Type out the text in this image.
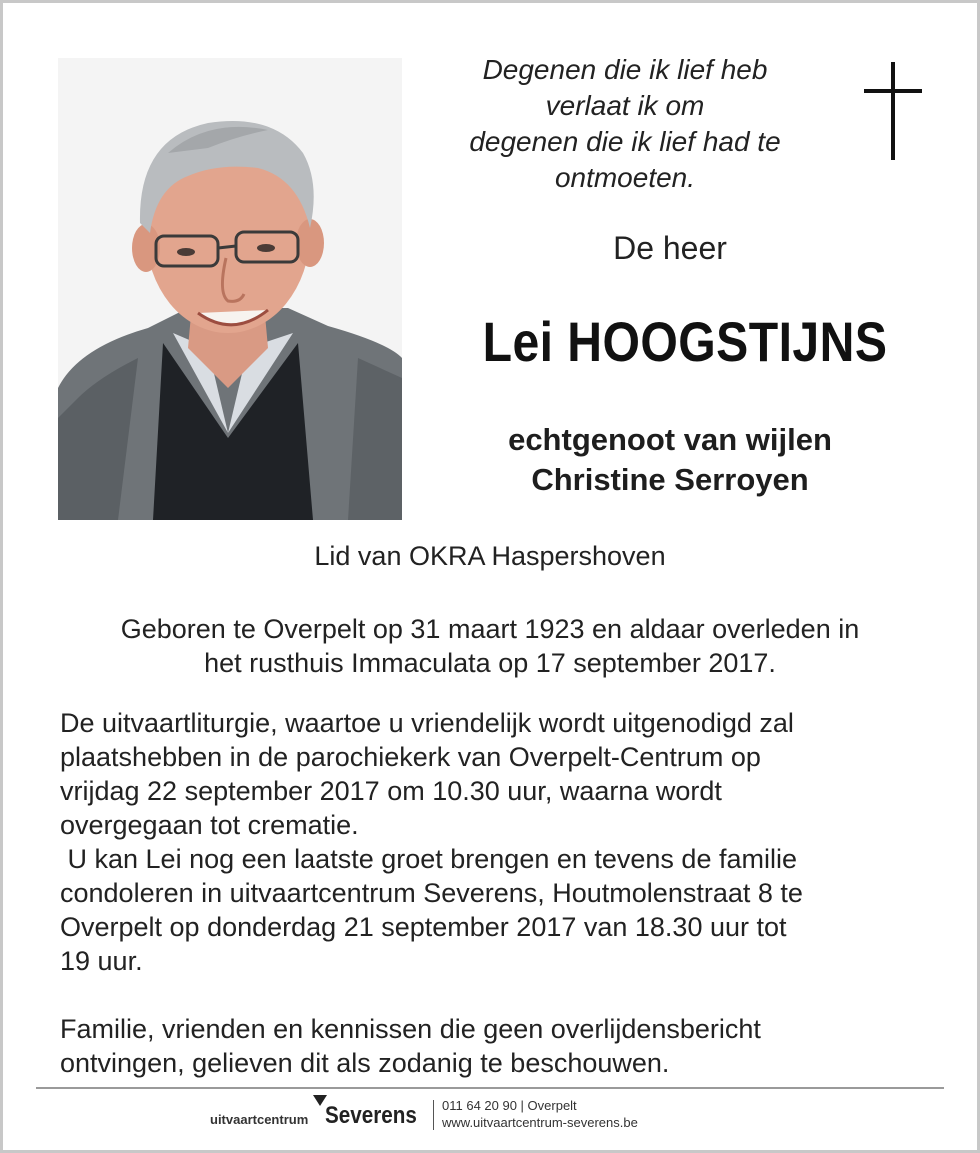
Degenen die ik lief heb
verlaat ik om
degenen die ik lief had te
ontmoeten.
De heer
Lei HOOGSTIJNS
echtgenoot van wijlen
Christine Serroyen
Lid van OKRA Haspershoven
Geboren te Overpelt op 31 maart 1923 en aldaar overleden in
het rusthuis Immaculata op 17 september 2017.

De uitvaartliturgie, waartoe u vriendelijk wordt uitgenodigd zal

plaatshebben in de parochiekerk van Overpelt-Centrum op

vrijdag 22 september 2017 om 10.30 uur, waarna wordt

overgegaan tot crematie.

U kan Lei nog een laatste groet brengen en tevens de familie

condoleren in uitvaartcentrum Severens, Houtmolenstraat 8 te

Overpelt op donderdag 21 september 2017 van 18.30 uur tot

19 uur.

Familie, vrienden en kennissen die geen overlijdensbericht
ontvingen, gelieven dit als zodanig te beschouwen.
uitvaartcentrum Severens 011 64 20 90 | Overpelt
www.uitvaartcentrum-severens.be
